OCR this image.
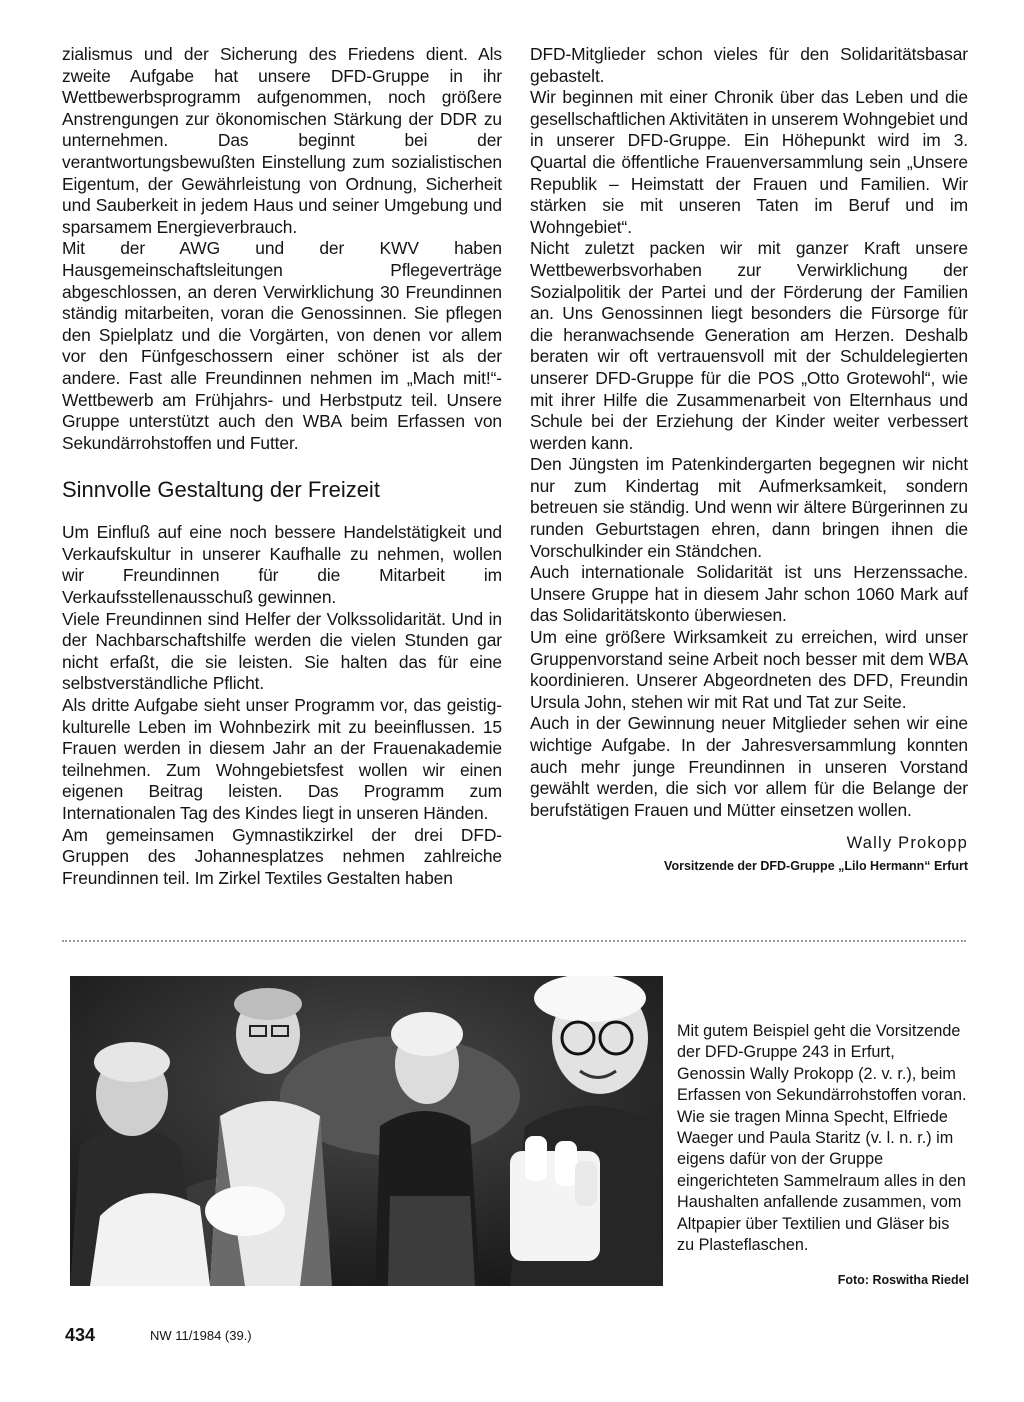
zialismus und der Sicherung des Friedens dient. Als zweite Aufgabe hat unsere DFD-Gruppe in ihr Wettbewerbsprogramm aufgenommen, noch größere Anstrengungen zur ökonomischen Stärkung der DDR zu unternehmen. Das beginnt bei der verantwortungsbewußten Einstellung zum sozialistischen Eigentum, der Gewährleistung von Ordnung, Sicherheit und Sauberkeit in jedem Haus und seiner Umgebung und sparsamem Energieverbrauch.

Mit der AWG und der KWV haben Hausgemeinschaftsleitungen Pflegeverträge abgeschlossen, an deren Verwirklichung 30 Freundinnen ständig mitarbeiten, voran die Genossinnen. Sie pflegen den Spielplatz und die Vorgärten, von denen vor allem vor den Fünfgeschossern einer schöner ist als der andere. Fast alle Freundinnen nehmen im „Mach mit!“-Wettbewerb am Frühjahrs- und Herbstputz teil. Unsere Gruppe unterstützt auch den WBA beim Erfassen von Sekundärrohstoffen und Futter.

Sinnvolle Gestaltung der Freizeit

Um Einfluß auf eine noch bessere Handelstätigkeit und Verkaufskultur in unserer Kaufhalle zu nehmen, wollen wir Freundinnen für die Mitarbeit im Verkaufsstellenausschuß gewinnen.

Viele Freundinnen sind Helfer der Volkssolidarität. Und in der Nachbarschaftshilfe werden die vielen Stunden gar nicht erfaßt, die sie leisten. Sie halten das für eine selbstverständliche Pflicht.

Als dritte Aufgabe sieht unser Programm vor, das geistig-kulturelle Leben im Wohnbezirk mit zu beeinflussen. 15 Frauen werden in diesem Jahr an der Frauenakademie teilnehmen. Zum Wohngebietsfest wollen wir einen eigenen Beitrag leisten. Das Programm zum Internationalen Tag des Kindes liegt in unseren Händen.

Am gemeinsamen Gymnastikzirkel der drei DFD-Gruppen des Johannesplatzes nehmen zahlreiche Freundinnen teil. Im Zirkel Textiles Gestalten haben

DFD-Mitglieder schon vieles für den Solidaritätsbasar gebastelt.

Wir beginnen mit einer Chronik über das Leben und die gesellschaftlichen Aktivitäten in unserem Wohngebiet und in unserer DFD-Gruppe. Ein Höhepunkt wird im 3. Quartal die öffentliche Frauenversammlung sein „Unsere Republik – Heimstatt der Frauen und Familien. Wir stärken sie mit unseren Taten im Beruf und im Wohngebiet“.

Nicht zuletzt packen wir mit ganzer Kraft unsere Wettbewerbsvorhaben zur Verwirklichung der Sozialpolitik der Partei und der Förderung der Familien an. Uns Genossinnen liegt besonders die Fürsorge für die heranwachsende Generation am Herzen. Deshalb beraten wir oft vertrauensvoll mit der Schuldelegierten unserer DFD-Gruppe für die POS „Otto Grotewohl“, wie mit ihrer Hilfe die Zusammenarbeit von Elternhaus und Schule bei der Erziehung der Kinder weiter verbessert werden kann.

Den Jüngsten im Patenkindergarten begegnen wir nicht nur zum Kindertag mit Aufmerksamkeit, sondern betreuen sie ständig. Und wenn wir ältere Bürgerinnen zu runden Geburtstagen ehren, dann bringen ihnen die Vorschulkinder ein Ständchen.

Auch internationale Solidarität ist uns Herzenssache. Unsere Gruppe hat in diesem Jahr schon 1060 Mark auf das Solidaritätskonto überwiesen.

Um eine größere Wirksamkeit zu erreichen, wird unser Gruppenvorstand seine Arbeit noch besser mit dem WBA koordinieren. Unserer Abgeordneten des DFD, Freundin Ursula John, stehen wir mit Rat und Tat zur Seite.

Auch in der Gewinnung neuer Mitglieder sehen wir eine wichtige Aufgabe. In der Jahresversammlung konnten auch mehr junge Freundinnen in unseren Vorstand gewählt werden, die sich vor allem für die Belange der berufstätigen Frauen und Mütter einsetzen wollen.

Wally Prokopp
Vorsitzende der DFD-Gruppe „Lilo Hermann“ Erfurt
Mit gutem Beispiel geht die Vorsitzende der DFD-Gruppe 243 in Erfurt, Genossin Wally Prokopp (2. v. r.), beim Erfassen von Sekundärrohstoffen voran. Wie sie tragen Minna Specht, Elfriede Waeger und Paula Staritz (v. l. n. r.) im eigens dafür von der Gruppe eingerichteten Sammelraum alles in den Haushalten anfallende zusammen, vom Altpapier über Textilien und Gläser bis zu Plasteflaschen.
Foto: Roswitha Riedel
434	NW 11/1984 (39.)
